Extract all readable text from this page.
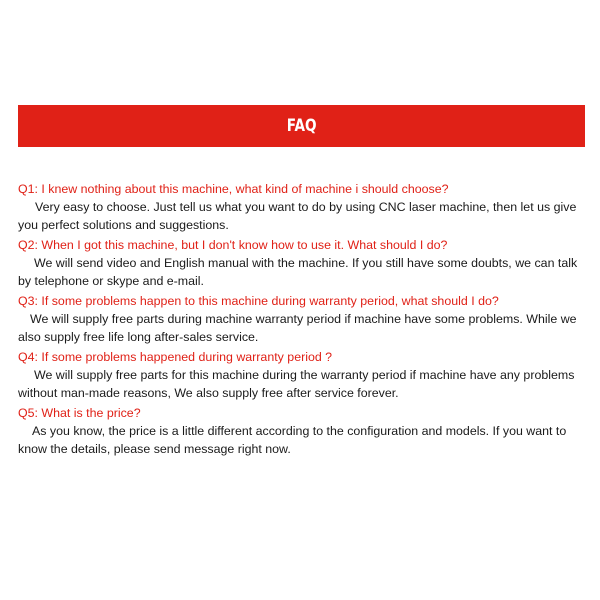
FAQ
Q1: I knew nothing about this machine, what kind of machine i should choose?
Very easy to choose. Just tell us what you want to do by using CNC laser machine, then let us give you perfect solutions and suggestions.
Q2: When I got this machine, but I don't know how to use it. What should I do?
We will send video and English manual with the machine. If you still have some doubts, we can talk by telephone or skype and e-mail.
Q3: If some problems happen to this machine during warranty period, what should I do?
We will supply free parts during machine warranty period if machine have some problems. While we also supply free life long after-sales service.
Q4: If some problems happened during warranty period ?
We will supply free parts for this machine during the warranty period if machine have any problems without man-made reasons, We also supply free after service forever.
Q5: What is the price?
As you know, the price is a little different according to the configuration and models. If you want to know the details, please send message right now.
